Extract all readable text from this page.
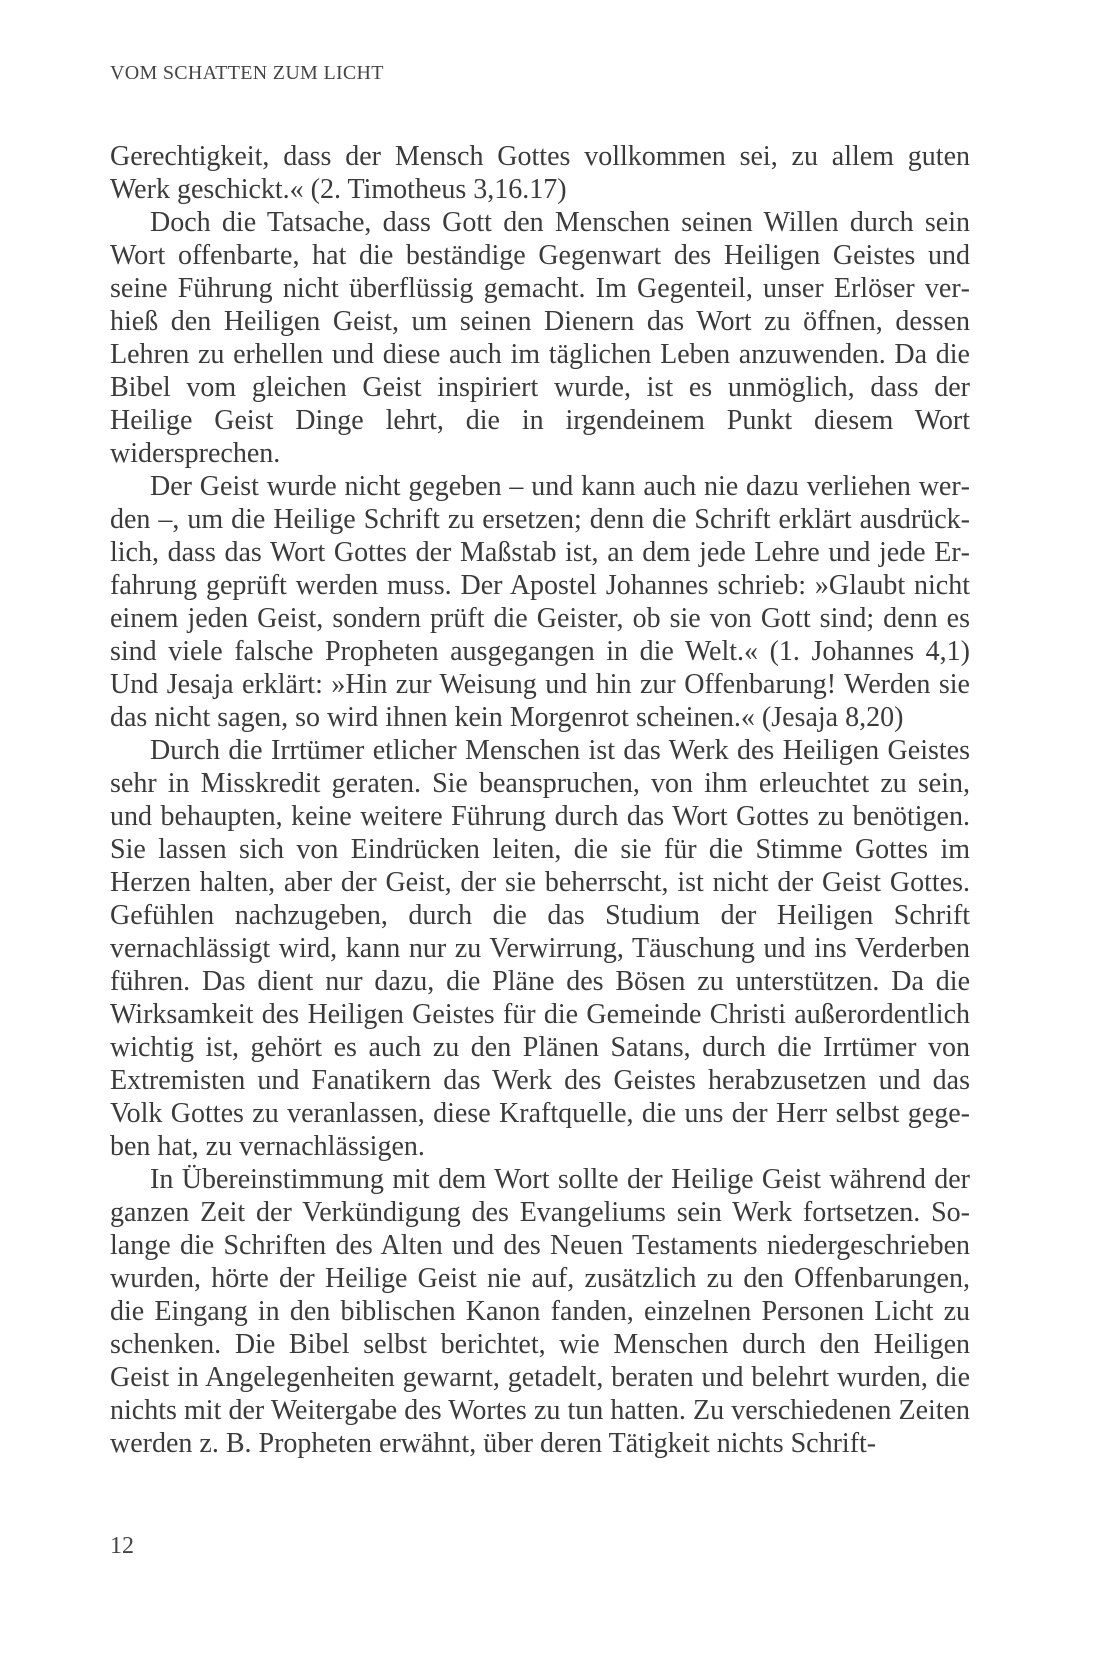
VOM SCHATTEN ZUM LICHT

Gerechtigkeit, dass der Mensch Gottes vollkommen sei, zu allem guten Werk geschickt.« (2. Timotheus 3,16.17)

Doch die Tatsache, dass Gott den Menschen seinen Willen durch sein Wort offenbarte, hat die beständige Gegenwart des Heiligen Geistes und seine Führung nicht überflüssig gemacht. Im Gegenteil, unser Erlöser verhieß den Heiligen Geist, um seinen Dienern das Wort zu öffnen, dessen Lehren zu erhellen und diese auch im täglichen Leben anzuwenden. Da die Bibel vom gleichen Geist inspiriert wurde, ist es unmöglich, dass der Heilige Geist Dinge lehrt, die in irgendeinem Punkt diesem Wort widersprechen.

Der Geist wurde nicht gegeben – und kann auch nie dazu verliehen werden –, um die Heilige Schrift zu ersetzen; denn die Schrift erklärt ausdrücklich, dass das Wort Gottes der Maßstab ist, an dem jede Lehre und jede Erfahrung geprüft werden muss. Der Apostel Johannes schrieb: »Glaubt nicht einem jeden Geist, sondern prüft die Geister, ob sie von Gott sind; denn es sind viele falsche Propheten ausgegangen in die Welt.« (1. Johannes 4,1) Und Jesaja erklärt: »Hin zur Weisung und hin zur Offenbarung! Werden sie das nicht sagen, so wird ihnen kein Morgenrot scheinen.« (Jesaja 8,20)

Durch die Irrtümer etlicher Menschen ist das Werk des Heiligen Geistes sehr in Misskredit geraten. Sie beanspruchen, von ihm erleuchtet zu sein, und behaupten, keine weitere Führung durch das Wort Gottes zu benötigen. Sie lassen sich von Eindrücken leiten, die sie für die Stimme Gottes im Herzen halten, aber der Geist, der sie beherrscht, ist nicht der Geist Gottes. Gefühlen nachzugeben, durch die das Studium der Heiligen Schrift vernachlässigt wird, kann nur zu Verwirrung, Täuschung und ins Verderben führen. Das dient nur dazu, die Pläne des Bösen zu unterstützen. Da die Wirksamkeit des Heiligen Geistes für die Gemeinde Christi außerordentlich wichtig ist, gehört es auch zu den Plänen Satans, durch die Irrtümer von Extremisten und Fanatikern das Werk des Geistes herabzusetzen und das Volk Gottes zu veranlassen, diese Kraftquelle, die uns der Herr selbst gegeben hat, zu vernachlässigen.

In Übereinstimmung mit dem Wort sollte der Heilige Geist während der ganzen Zeit der Verkündigung des Evangeliums sein Werk fortsetzen. Solange die Schriften des Alten und des Neuen Testaments niedergeschrieben wurden, hörte der Heilige Geist nie auf, zusätzlich zu den Offenbarungen, die Eingang in den biblischen Kanon fanden, einzelnen Personen Licht zu schenken. Die Bibel selbst berichtet, wie Menschen durch den Heiligen Geist in Angelegenheiten gewarnt, getadelt, beraten und belehrt wurden, die nichts mit der Weitergabe des Wortes zu tun hatten. Zu verschiedenen Zeiten werden z. B. Propheten erwähnt, über deren Tätigkeit nichts Schrift-

12
